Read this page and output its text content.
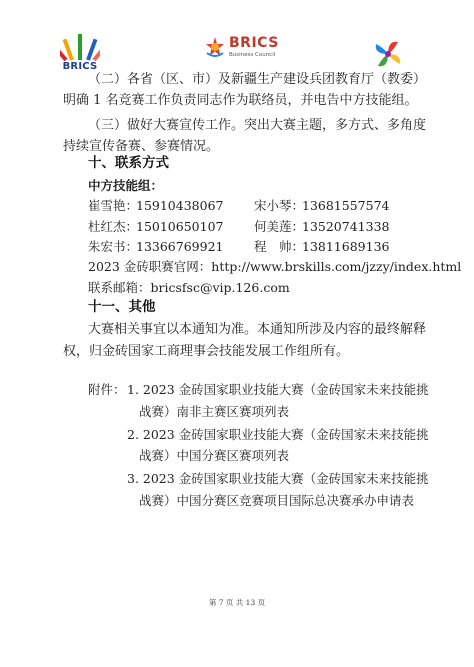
BRICS
BRICS
Business Council
（二）各省（区、市）及新疆生产建设兵团教育厅（教委）
明确 1 名竞赛工作负责同志作为联络员，并电告中方技能组。
（三）做好大赛宣传工作。突出大赛主题，多方式、多角度
持续宣传备赛、参赛情况。
十、联系方式
中方技能组：
崔雪艳：15910438067 宋小琴：13681557574
杜红杰：15010650107 何美莲：13520741338
朱宏书：13366769921 程　帅：13811689136
2023 金砖职赛官网：http://www.brskills.com/jzzy/index.html
联系邮箱：bricsfsc@vip.126.com
十一、其他
大赛相关事宜以本通知为准。本通知所涉及内容的最终解释
权，归金砖国家工商理事会技能发展工作组所有。
附件： 1. 2023 金砖国家职业技能大赛（金砖国家未来技能挑
战赛）南非主赛区赛项列表
2. 2023 金砖国家职业技能大赛（金砖国家未来技能挑
战赛）中国分赛区赛项列表
3. 2023 金砖国家职业技能大赛（金砖国家未来技能挑
战赛）中国分赛区竞赛项目国际总决赛承办申请表
第 7 页 共 13 页
